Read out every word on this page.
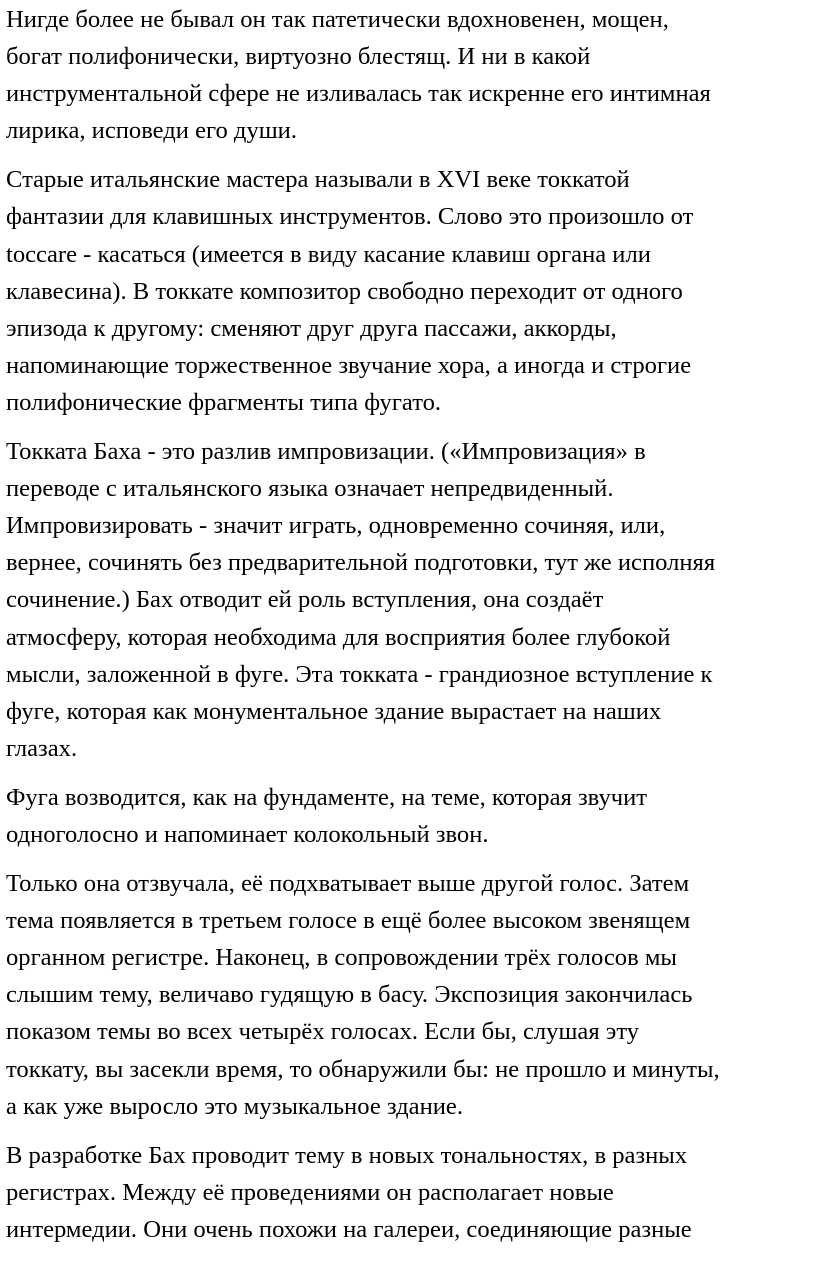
Нигде более не бывал он так патетически вдохновенен, мощен,
богат полифонически, виртуозно блестящ. И ни в какой
инструментальной сфере не изливалась так искренне его интимная
лирика, исповеди его души.
Старые итальянские мастера называли в XVI веке токкатой
фантазии для клавишных инструментов. Слово это произошло от
toccare - касаться (имеется в виду касание клавиш органа или
клавесина). В токкате композитор свободно переходит от одного
эпизода к другому: сменяют друг друга пассажи, аккорды,
напоминающие торжественное звучание хора, а иногда и строгие
полифонические фрагменты типа фугато.
Токката Баха - это разлив импровизации. («Импровизация» в
переводе с итальянского языка означает непредвиденный.
Импровизировать - значит играть, одновременно сочиняя, или,
вернее, сочинять без предварительной подготовки, тут же исполняя
сочинение.) Бах отводит ей роль вступления, она создаёт
атмосферу, которая необходима для восприятия более глубокой
мысли, заложенной в фуге. Эта токката - грандиозное вступление к
фуге, которая как монументальное здание вырастает на наших
глазах.
Фуга возводится, как на фундаменте, на теме, которая звучит
одноголосно и напоминает колокольный звон.
Только она отзвучала, её подхватывает выше другой голос. Затем
тема появляется в третьем голосе в ещё более высоком звенящем
органном регистре. Наконец, в сопровождении трёх голосов мы
слышим тему, величаво гудящую в басу. Экспозиция закончилась
показом темы во всех четырёх голосах. Если бы, слушая эту
токкату, вы засекли время, то обнаружили бы: не прошло и минуты,
а как уже выросло это музыкальное здание.
В разработке Бах проводит тему в новых тональностях, в разных
регистрах. Между её проведениями он располагает новые
интермедии. Они очень похожи на галереи, соединяющие разные
